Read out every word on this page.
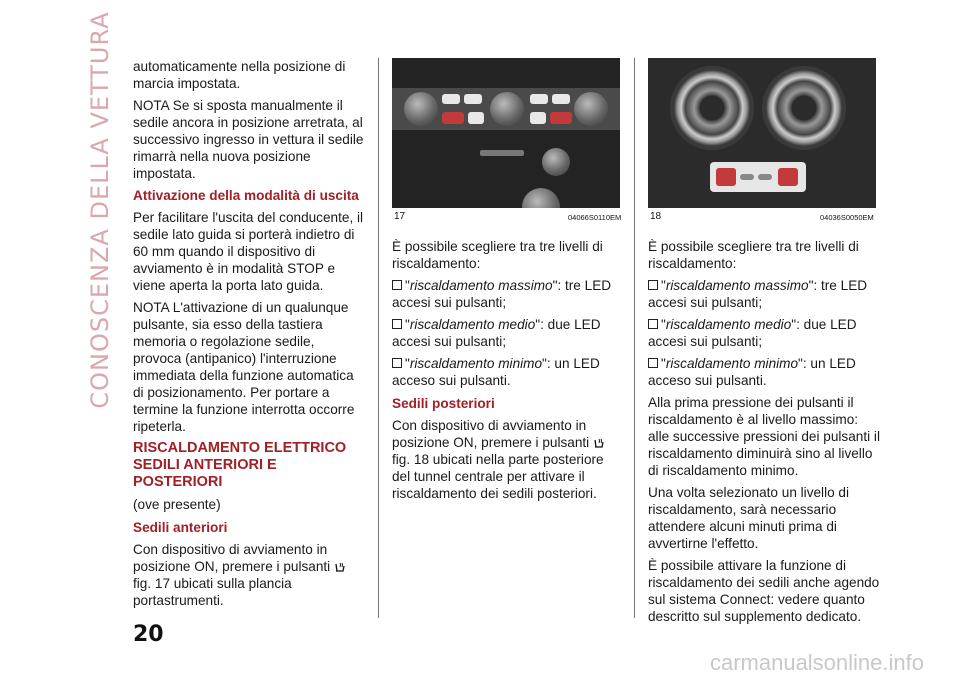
CONOSCENZA DELLA VETTURA automaticamente nella posizione di marcia impostata.

NOTA Se si sposta manualmente il sedile ancora in posizione arretrata, al successivo ingresso in vettura il sedile rimarrà nella nuova posizione impostata.

Attivazione della modalità di uscita

Per facilitare l'uscita del conducente, il sedile lato guida si porterà indietro di 60 mm quando il dispositivo di avviamento è in modalità STOP e viene aperta la porta lato guida.

NOTA L'attivazione di un qualunque pulsante, sia esso della tastiera memoria o regolazione sedile, provoca (antipanico) l'interruzione immediata della funzione automatica di posizionamento. Per portare a termine la funzione interrotta occorre ripeterla.

RISCALDAMENTO ELETTRICO SEDILI ANTERIORI E POSTERIORI

(ove presente)

Sedili anteriori

Con dispositivo di avviamento in posizione ON, premere i pulsanti  fig. 17 ubicati sulla plancia portastrumenti.

17	04066S0110EM	18	04036S0050EM

È possibile scegliere tra tre livelli di riscaldamento:

"riscaldamento massimo": tre LED accesi sui pulsanti;

"riscaldamento medio": due LED accesi sui pulsanti;

"riscaldamento minimo": un LED acceso sui pulsanti.

Sedili posteriori

Con dispositivo di avviamento in posizione ON, premere i pulsanti  fig. 18 ubicati nella parte posteriore del tunnel centrale per attivare il riscaldamento dei sedili posteriori.

È possibile scegliere tra tre livelli di riscaldamento:

"riscaldamento massimo": tre LED accesi sui pulsanti;

"riscaldamento medio": due LED accesi sui pulsanti;

"riscaldamento minimo": un LED acceso sui pulsanti.

Alla prima pressione dei pulsanti il riscaldamento è al livello massimo: alle successive pressioni dei pulsanti il riscaldamento diminuirà sino al livello di riscaldamento minimo.

Una volta selezionato un livello di riscaldamento, sarà necessario attendere alcuni minuti prima di avvertirne l'effetto.

È possibile attivare la funzione di riscaldamento dei sedili anche agendo sul sistema Connect: vedere quanto descritto sul supplemento dedicato.

20
carmanualsonline.info
